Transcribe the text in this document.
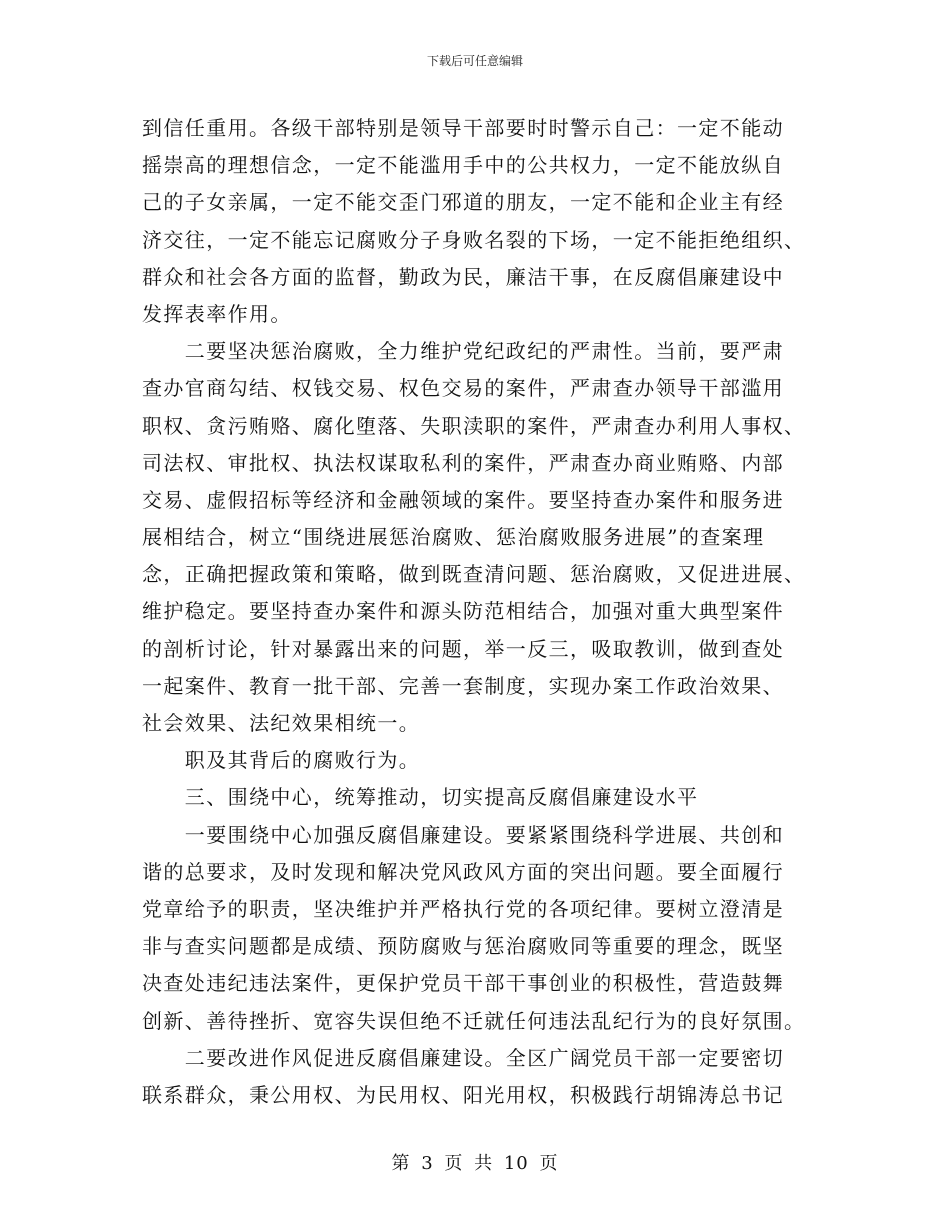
下载后可任意编辑
到信任重用。各级干部特别是领导干部要时时警示自己：一定不能动
摇崇高的理想信念，一定不能滥用手中的公共权力，一定不能放纵自
己的子女亲属，一定不能交歪门邪道的朋友，一定不能和企业主有经
济交往，一定不能忘记腐败分子身败名裂的下场，一定不能拒绝组织、
群众和社会各方面的监督，勤政为民，廉洁干事，在反腐倡廉建设中
发挥表率作用。
　　二要坚决惩治腐败，全力维护党纪政纪的严肃性。当前，要严肃
查办官商勾结、权钱交易、权色交易的案件，严肃查办领导干部滥用
职权、贪污贿赂、腐化堕落、失职渎职的案件，严肃查办利用人事权、
司法权、审批权、执法权谋取私利的案件，严肃查办商业贿赂、内部
交易、虚假招标等经济和金融领域的案件。要坚持查办案件和服务进
展相结合，树立“围绕进展惩治腐败、惩治腐败服务进展”的查案理
念，正确把握政策和策略，做到既查清问题、惩治腐败，又促进进展、
维护稳定。要坚持查办案件和源头防范相结合，加强对重大典型案件
的剖析讨论，针对暴露出来的问题，举一反三，吸取教训，做到查处
一起案件、教育一批干部、完善一套制度，实现办案工作政治效果、
社会效果、法纪效果相统一。
　　职及其背后的腐败行为。
　　三、围绕中心，统筹推动，切实提高反腐倡廉建设水平
　　一要围绕中心加强反腐倡廉建设。要紧紧围绕科学进展、共创和
谐的总要求，及时发现和解决党风政风方面的突出问题。要全面履行
党章给予的职责，坚决维护并严格执行党的各项纪律。要树立澄清是
非与查实问题都是成绩、预防腐败与惩治腐败同等重要的理念，既坚
决查处违纪违法案件，更保护党员干部干事创业的积极性，营造鼓舞
创新、善待挫折、宽容失误但绝不迁就任何违法乱纪行为的良好氛围。
　　二要改进作风促进反腐倡廉建设。全区广阔党员干部一定要密切
联系群众，秉公用权、为民用权、阳光用权，积极践行胡锦涛总书记
第 3 页 共 10 页
